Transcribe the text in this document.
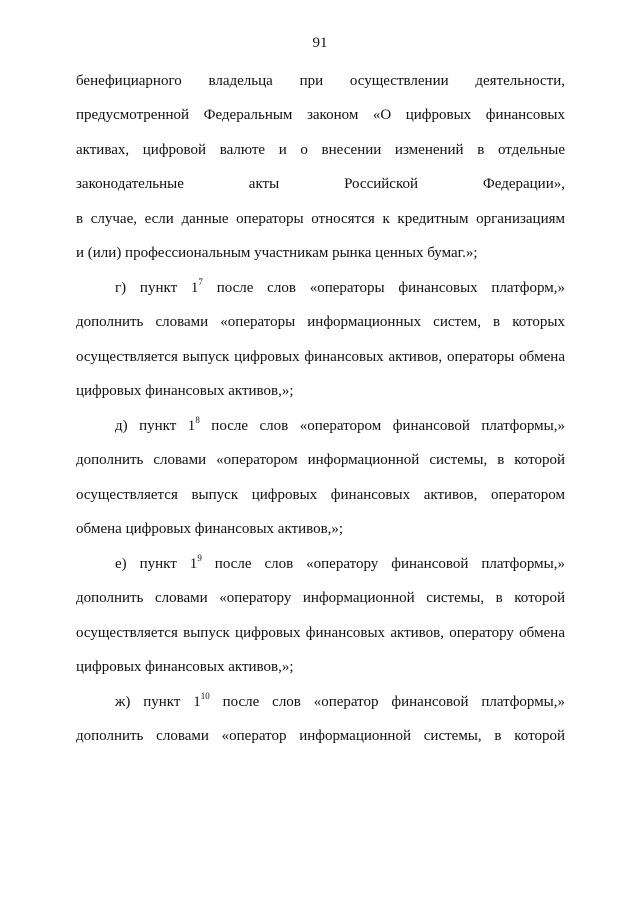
91
бенефициарного владельца при осуществлении деятельности,
предусмотренной Федеральным законом «О цифровых финансовых
активах, цифровой валюте и о внесении изменений в отдельные
законодательные акты Российской Федерации»,
в случае, если данные операторы относятся к кредитным организациям
и (или) профессиональным участникам рынка ценных бумаг.»;
г) пункт $1^7$ после слов «операторы финансовых платформ,»
дополнить словами «операторы информационных систем, в которых
осуществляется выпуск цифровых финансовых активов, операторы обмена
цифровых финансовых активов,»;
д) пункт $1^8$ после слов «оператором финансовой платформы,»
дополнить словами «оператором информационной системы, в которой
осуществляется выпуск цифровых финансовых активов, оператором
обмена цифровых финансовых активов,»;
е) пункт $1^9$ после слов «оператору финансовой платформы,»
дополнить словами «оператору информационной системы, в которой
осуществляется выпуск цифровых финансовых активов, оператору обмена
цифровых финансовых активов,»;
ж) пункт $1^{10}$ после слов «оператор финансовой платформы,»
дополнить словами «оператор информационной системы, в которой
